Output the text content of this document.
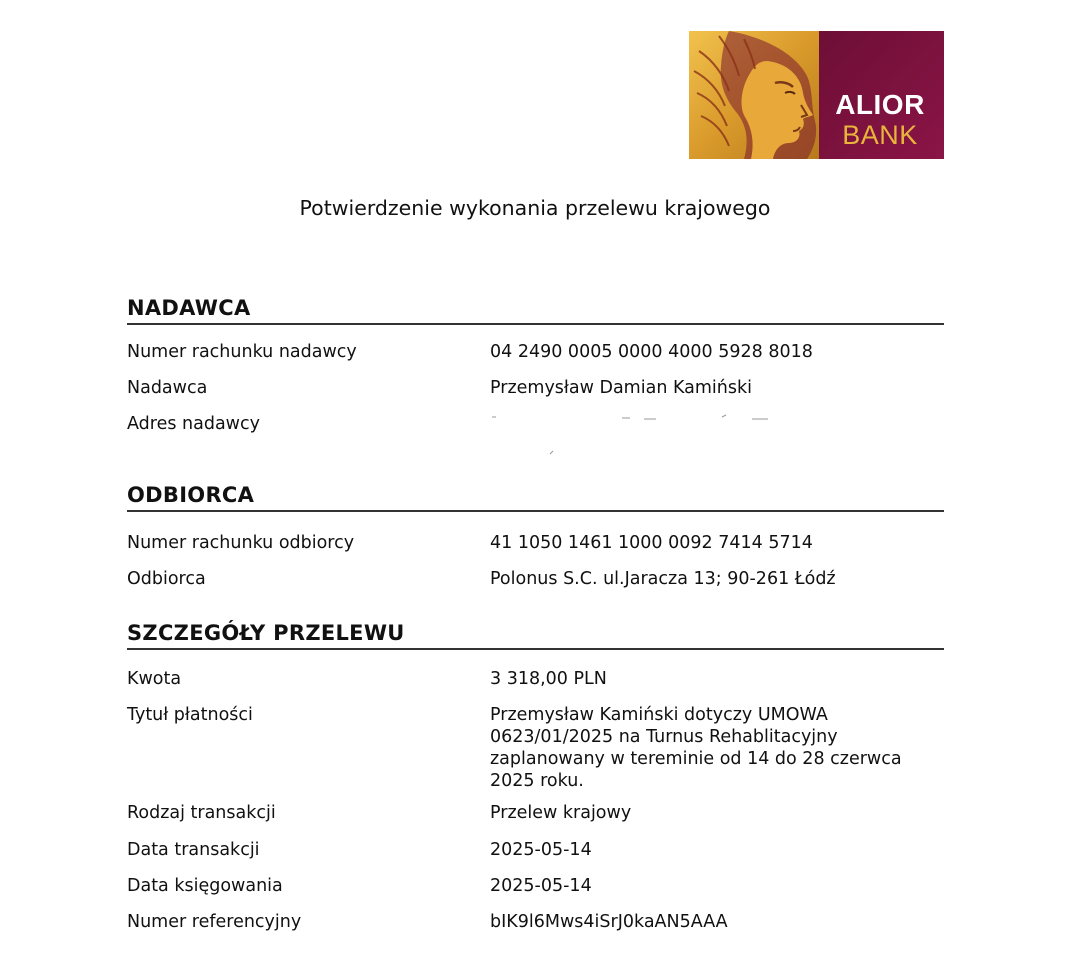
ALIOR
BANK
Potwierdzenie wykonania przelewu krajowego
NADAWCA
Numer rachunku nadawcy	04 2490 0005 0000 4000 5928 8018
Nadawca	Przemysław Damian Kamiński
Adres nadawcy
ODBIORCA
Numer rachunku odbiorcy	41 1050 1461 1000 0092 7414 5714
Odbiorca	Polonus S.C. ul.Jaracza 13; 90-261 Łódź
SZCZEGÓŁY PRZELEWU
Kwota	3 318,00 PLN
Tytuł płatności	Przemysław Kamiński dotyczy UMOWA
0623/01/2025 na Turnus Rehablitacyjny
zaplanowany w tereminie od 14 do 28 czerwca
2025 roku.
Rodzaj transakcji	Przelew krajowy
Data transakcji	2025-05-14
Data księgowania	2025-05-14
Numer referencyjny	bIK9l6Mws4iSrJ0kaAN5AAA
